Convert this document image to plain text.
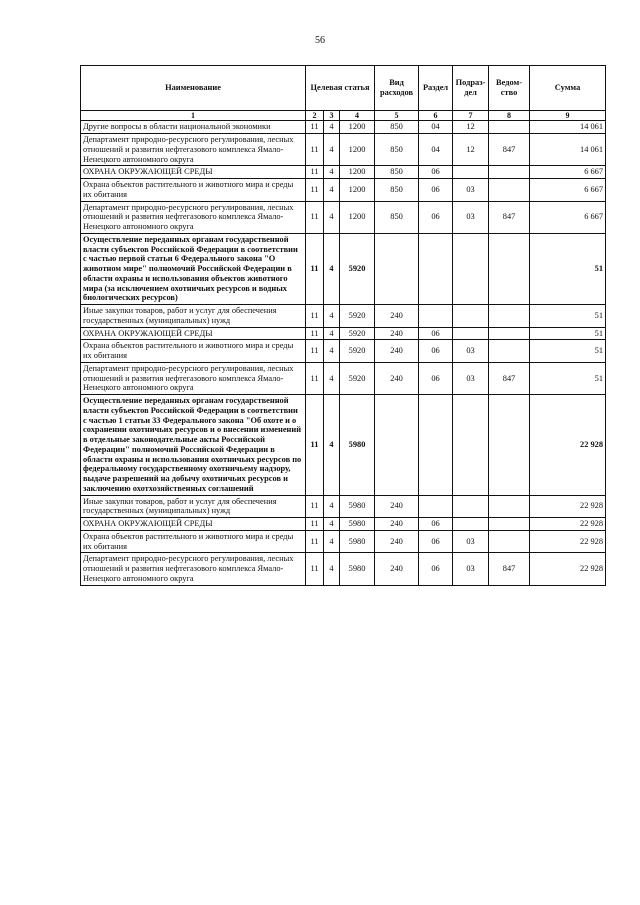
56
Наименование	Целевая статья			Вид расходов	Раздел	Подраз- дел	Ведом- ство	Сумма
1	2	3	4	5	6	7	8	9
Другие вопросы в области национальной экономики	11	4	1200	850	04	12		14 061
Департамент природно-ресурсного регулирования, лесных отношений и развития нефтегазового комплекса Ямало-Ненецкого автономного округа	11	4	1200	850	04	12	847	14 061
ОХРАНА ОКРУЖАЮЩЕЙ СРЕДЫ	11	4	1200	850	06			6 667
Охрана объектов растительного и животного мира и среды их обитания	11	4	1200	850	06	03		6 667
Департамент природно-ресурсного регулирования, лесных отношений и развития нефтегазового комплекса Ямало-Ненецкого автономного округа	11	4	1200	850	06	03	847	6 667
Осуществление переданных органам государственной власти субъектов Российской Федерации в соответствии с частью первой статьи 6 Федерального закона "О животном мире" полномочий Российской Федерации в области охраны и использования объектов животного мира (за исключением охотничьих ресурсов и водных биологических ресурсов)	11	4	5920					51
Иные закупки товаров, работ и услуг для обеспечения государственных (муниципальных) нужд	11	4	5920	240				51
ОХРАНА ОКРУЖАЮЩЕЙ СРЕДЫ	11	4	5920	240	06			51
Охрана объектов растительного и животного мира и среды их обитания	11	4	5920	240	06	03		51
Департамент природно-ресурсного регулирования, лесных отношений и развития нефтегазового комплекса Ямало-Ненецкого автономного округа	11	4	5920	240	06	03	847	51
Осуществление переданных органам государственной власти субъектов Российской Федерации в соответствии с частью 1 статьи 33 Федерального закона "Об охоте и о сохранении охотничьих ресурсов и о внесении изменений в отдельные законодательные акты Российской Федерации" полномочий Российской Федерации в области охраны и использования охотничьих ресурсов по федеральному государственному охотничьему надзору, выдаче разрешений на добычу охотничьих ресурсов и заключению охотхозяйственных соглашений	11	4	5980					22 928
Иные закупки товаров, работ и услуг для обеспечения государственных (муниципальных) нужд	11	4	5980	240				22 928
ОХРАНА ОКРУЖАЮЩЕЙ СРЕДЫ	11	4	5980	240	06			22 928
Охрана объектов растительного и животного мира и среды их обитания	11	4	5980	240	06	03		22 928
Департамент природно-ресурсного регулирования, лесных отношений и развития нефтегазового комплекса Ямало-Ненецкого автономного округа	11	4	5980	240	06	03	847	22 928
